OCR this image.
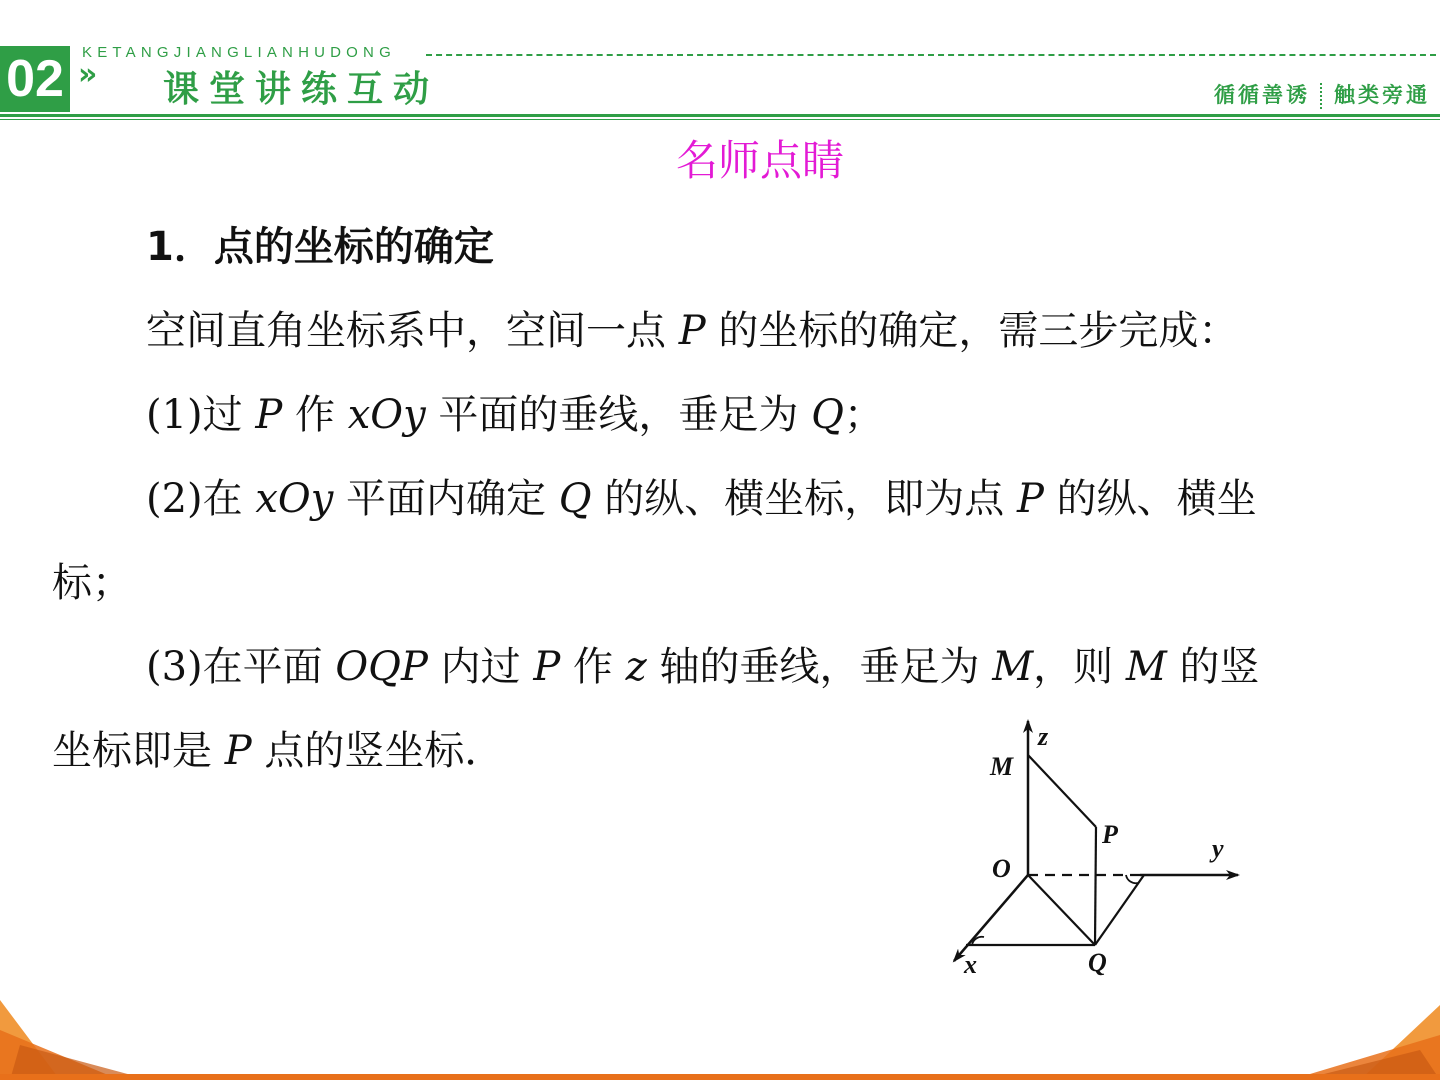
02 »
KETANGJIANGLIANHUDONG
课堂讲练互动	循循善诱 触类旁通
名师点睛
1．点的坐标的确定
空间直角坐标系中，空间一点 P 的坐标的确定，需三步完成：
(1)过 P 作 xOy 平面的垂线，垂足为 Q；
(2)在 xOy 平面内确定 Q 的纵、横坐标，即为点 P 的纵、横坐
标；
(3)在平面 OQP 内过 P 作 z 轴的垂线，垂足为 M，则 M 的竖
坐标即是 P 点的竖坐标．	z
M
P
O
y
x	Q
